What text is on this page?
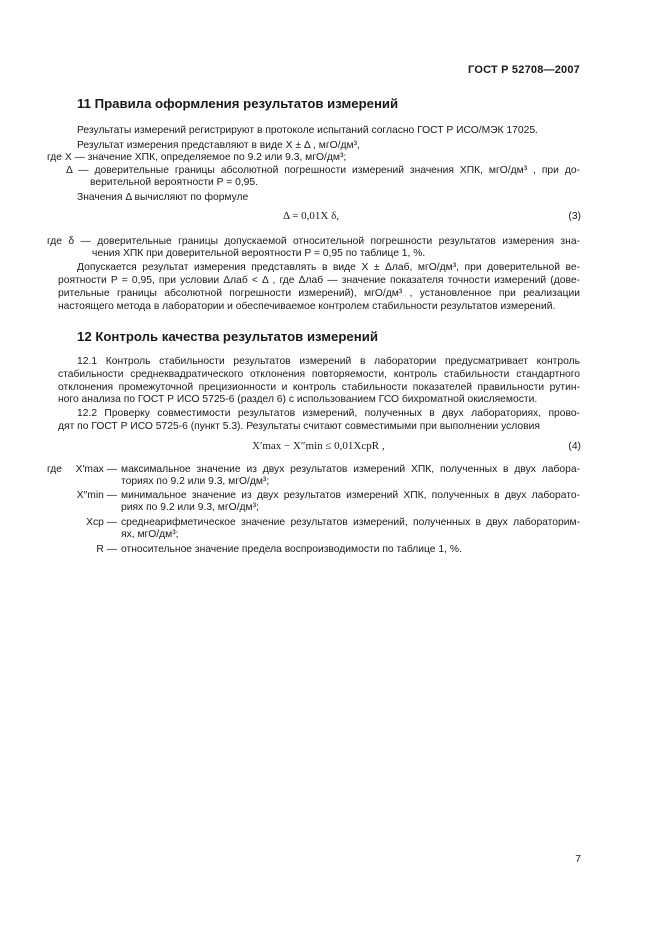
ГОСТ Р 52708—2007
11 Правила оформления результатов измерений
Результаты измерений регистрируют в протоколе испытаний согласно ГОСТ Р ИСО/МЭК 17025.
Результат измерения представляют в виде X ± Δ , мгО/дм³,
где X — значение ХПК, определяемое по 9.2 или 9.3, мгО/дм³;
Δ — доверительные границы абсолютной погрешности измерений значения ХПК, мгО/дм³ , при до-
верительной вероятности P = 0,95.
Значения Δ вычисляют по формуле
Δ = 0,01X δ,	(3)
где δ — доверительные границы допускаемой относительной погрешности результатов измерения зна-
чения ХПК при доверительной вероятности P = 0,95 по таблице 1, %.
Допускается результат измерения представлять в виде X ± Δлаб, мгО/дм³, при доверительной ве-
роятности P = 0,95, при условии Δлаб < Δ , где Δлаб — значение показателя точности измерений (дове-
рительные границы абсолютной погрешности измерений), мгО/дм³ , установленное при реализации
настоящего метода в лаборатории и обеспечиваемое контролем стабильности результатов измерений.
12 Контроль качества результатов измерений
12.1 Контроль стабильности результатов измерений в лаборатории предусматривает контроль
стабильности среднеквадратического отклонения повторяемости, контроль стабильности стандартного
отклонения промежуточной прецизионности и контроль стабильности показателей правильности рутин-
ного анализа по ГОСТ Р ИСО 5725-6 (раздел 6) с использованием ГСО бихроматной окисляемости.
12.2 Проверку совместимости результатов измерений, полученных в двух лабораториях, прово-
дят по ГОСТ Р ИСО 5725-6 (пункт 5.3). Результаты считают совместимыми при выполнении условия
X′max − X″min ≤ 0,01XсрR ,	(4)
где	X′max — максимальное значение из двух результатов измерений ХПК, полученных в двух лабора-
ториях по 9.2 или 9.3, мгО/дм³;
X″min — минимальное значение из двух результатов измерений ХПК, полученных в двух лаборато-
риях по 9.2 или 9.3, мгО/дм³;
Xср — среднеарифметическое значение результатов измерений, полученных в двух лабораторим-
ях, мгО/дм³;
R — относительное значение предела воспроизводимости по таблице 1, %.
7
